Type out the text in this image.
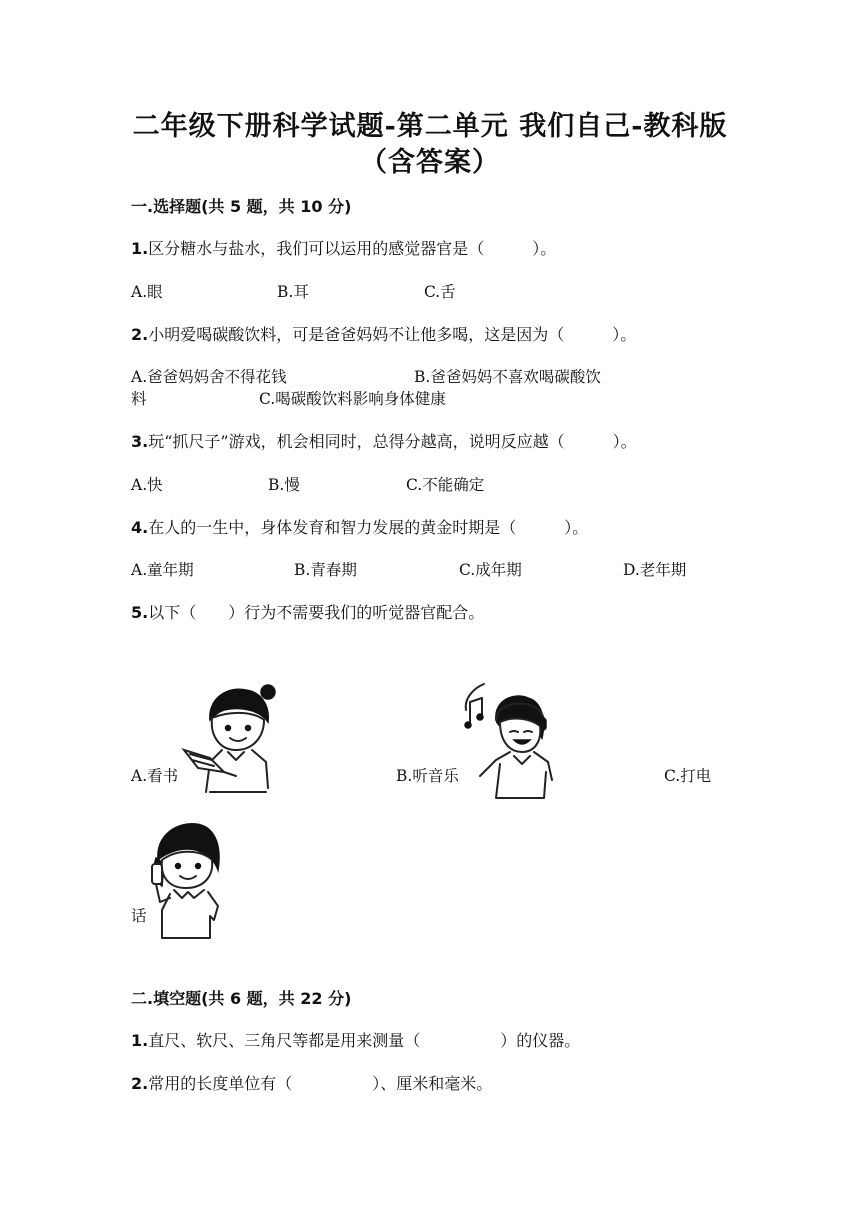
二年级下册科学试题-第二单元 我们自己-教科版
（含答案）
一.选择题(共 5 题，共 10 分)
1.区分糖水与盐水，我们可以运用的感觉器官是（　　　）。
A.眼	B.耳	C.舌
2.小明爱喝碳酸饮料，可是爸爸妈妈不让他多喝，这是因为（　　　）。
A.爸爸妈妈舍不得花钱	B.爸爸妈妈不喜欢喝碳酸饮
料	C.喝碳酸饮料影响身体健康
3.玩“抓尺子”游戏，机会相同时，总得分越高，说明反应越（　　　）。
A.快	B.慢	C.不能确定
4.在人的一生中，身体发育和智力发展的黄金时期是（　　　）。
A.童年期	B.青春期	C.成年期	D.老年期
5.以下（　　）行为不需要我们的听觉器官配合。
A.看书	B.听音乐	C.打电
话
二.填空题(共 6 题，共 22 分)
1.直尺、软尺、三角尺等都是用来测量（　　　　　）的仪器。
2.常用的长度单位有（　　　　　）、厘米和毫米。
